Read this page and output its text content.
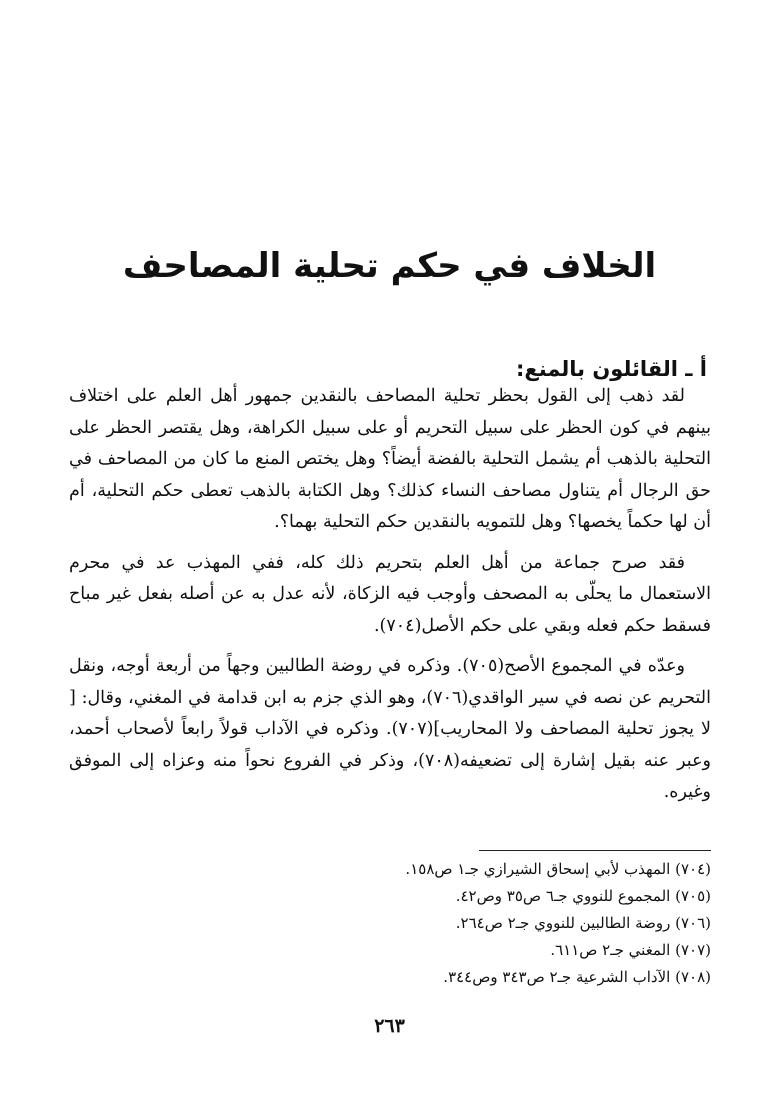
الخلاف في حكم تحلية المصاحف
أ ـ القائلون بالمنع:

لقد ذهب إلى القول بحظر تحلية المصاحف بالنقدين جمهور أهل العلم على اختلاف بينهم في كون الحظر على سبيل التحريم أو على سبيل الكراهة، وهل يقتصر الحظر على التحلية بالذهب أم يشمل التحلية بالفضة أيضاً؟ وهل يختص المنع ما كان من المصاحف في حق الرجال أم يتناول مصاحف النساء كذلك؟ وهل الكتابة بالذهب تعطى حكم التحلية، أم أن لها حكماً يخصها؟ وهل للتمويه بالنقدين حكم التحلية بهما؟.

فقد صرح جماعة من أهل العلم بتحريم ذلك كله، ففي المهذب عد في محرم الاستعمال ما يحلّى به المصحف وأوجب فيه الزكاة، لأنه عدل به عن أصله بفعل غير مباح فسقط حكم فعله وبقي على حكم الأصل(٧٠٤).

وعدّه في المجموع الأصح(٧٠٥). وذكره في روضة الطالبين وجهاً من أربعة أوجه، ونقل التحريم عن نصه في سير الواقدي(٧٠٦)، وهو الذي جزم به ابن قدامة في المغني، وقال: [ لا يجوز تحلية المصاحف ولا المحاريب](٧٠٧). وذكره في الآداب قولاً رابعاً لأصحاب أحمد، وعبر عنه بقيل إشارة إلى تضعيفه(٧٠٨)، وذكر في الفروع نحواً منه وعزاه إلى الموفق وغيره.

(٧٠٤) المهذب لأبي إسحاق الشيرازي جـ١ ص١٥٨.
(٧٠٥) المجموع للنووي جـ٦ ص٣٥ وص٤٢.
(٧٠٦) روضة الطالبين للنووي جـ٢ ص٢٦٤.
(٧٠٧) المغني جـ٢ ص٦١١.
(٧٠٨) الآداب الشرعية جـ٢ ص٣٤٣ وص٣٤٤.
٢٦٣
